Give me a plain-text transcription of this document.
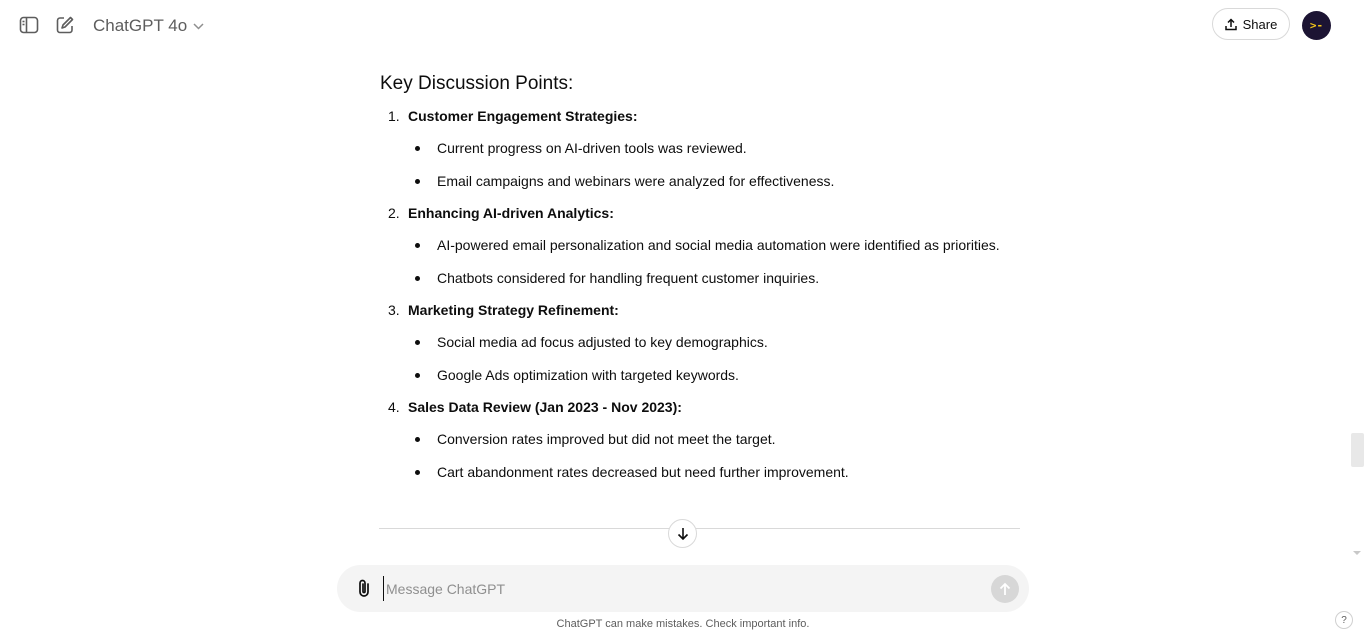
ChatGPT 4o	Share	>-
Key Discussion Points:
1. Customer Engagement Strategies:
Current progress on AI-driven tools was reviewed.
Email campaigns and webinars were analyzed for effectiveness.
2. Enhancing AI-driven Analytics:
AI-powered email personalization and social media automation were identified as priorities.
Chatbots considered for handling frequent customer inquiries.
3. Marketing Strategy Refinement:
Social media ad focus adjusted to key demographics.
Google Ads optimization with targeted keywords.
4. Sales Data Review (Jan 2023 - Nov 2023):
Conversion rates improved but did not meet the target.
Cart abandonment rates decreased but need further improvement.
Message ChatGPT
ChatGPT can make mistakes. Check important info.	?
